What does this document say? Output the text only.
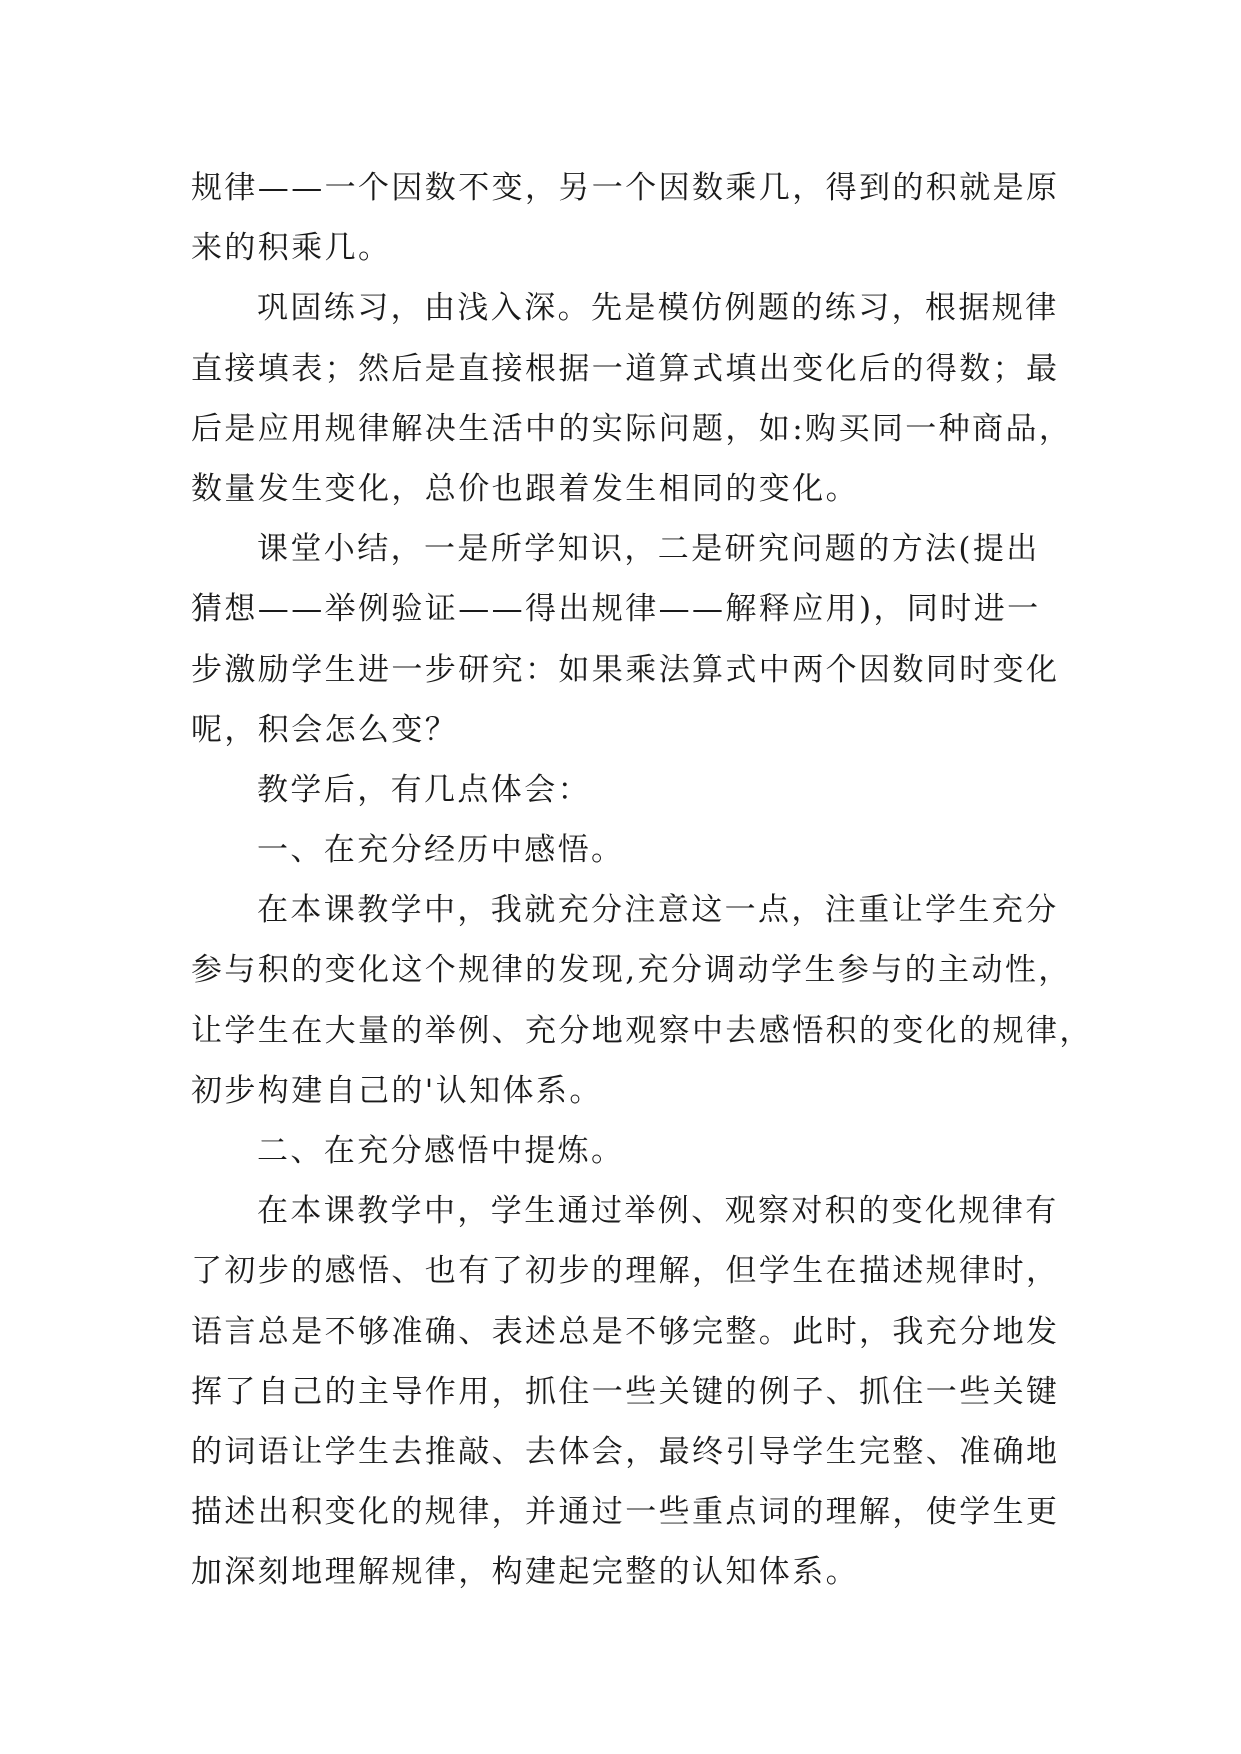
规律——一个因数不变，另一个因数乘几，得到的积就是原
来的积乘几。
巩固练习，由浅入深。先是模仿例题的练习，根据规律
直接填表；然后是直接根据一道算式填出变化后的得数；最
后是应用规律解决生活中的实际问题，如:购买同一种商品，
数量发生变化，总价也跟着发生相同的变化。
课堂小结，一是所学知识，二是研究问题的方法(提出
猜想——举例验证——得出规律——解释应用)，同时进一
步激励学生进一步研究：如果乘法算式中两个因数同时变化
呢，积会怎么变？
教学后，有几点体会：
一、在充分经历中感悟。
在本课教学中，我就充分注意这一点，注重让学生充分
参与积的变化这个规律的发现,充分调动学生参与的主动性，
让学生在大量的举例、充分地观察中去感悟积的变化的规律，
初步构建自己的'认知体系。
二、在充分感悟中提炼。
在本课教学中，学生通过举例、观察对积的变化规律有
了初步的感悟、也有了初步的理解，但学生在描述规律时，
语言总是不够准确、表述总是不够完整。此时，我充分地发
挥了自己的主导作用，抓住一些关键的例子、抓住一些关键
的词语让学生去推敲、去体会，最终引导学生完整、准确地
描述出积变化的规律，并通过一些重点词的理解，使学生更
加深刻地理解规律，构建起完整的认知体系。
